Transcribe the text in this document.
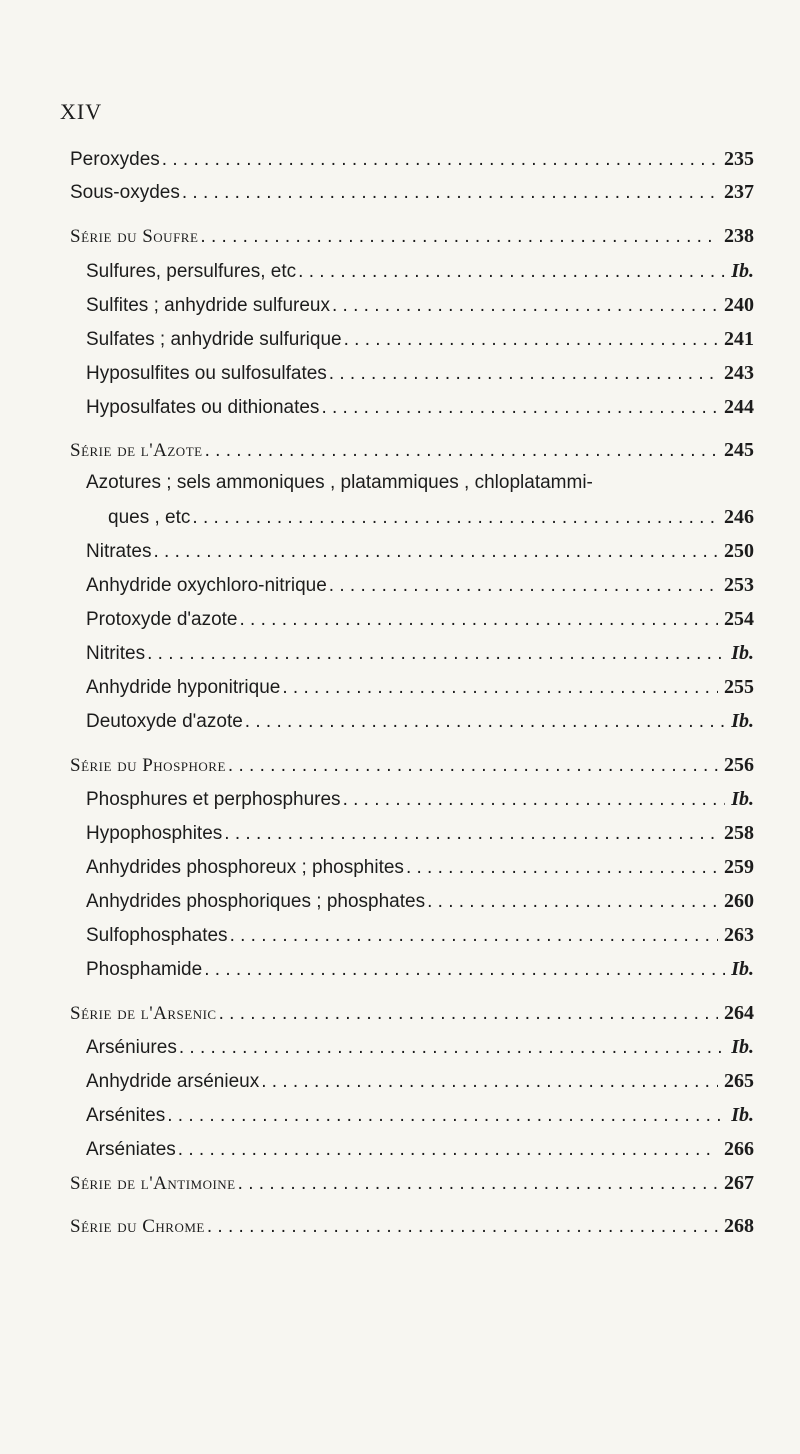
XIV
Peroxydes . . .	235
Sous-oxydes . . .	237
Série du Soufre . . .	238
Sulfures, persulfures, etc . . .	Ib.
Sulfites ; anhydride sulfureux . . .	240
Sulfates ; anhydride sulfurique . . .	241
Hyposulfites ou sulfosulfates . . .	243
Hyposulfates ou dithionates . . .	244
Série de l'Azote . . .	245
Azotures ; sels ammoniques , platammiques , chloplatammi-
ques , etc . . .	246
Nitrates . . .	250
Anhydride oxychloro-nitrique . . .	253
Protoxyde d'azote . . .	254
Nitrites . . .	Ib.
Anhydride hyponitrique . . .	255
Deutoxyde d'azote . . .	Ib.
Série du Phosphore . . .	256
Phosphures et perphosphures . . .	Ib.
Hypophosphites . . .	258
Anhydrides phosphoreux ; phosphites . . .	259
Anhydrides phosphoriques ; phosphates . . .	260
Sulfophosphates . . .	263
Phosphamide . . .	Ib.
Série de l'Arsenic . . .	264
Arséniures . . .	Ib.
Anhydride arsénieux . . .	265
Arsénites . . .	Ib.
Arséniates . . .	266
Série de l'Antimoine . . .	267
Série du Chrome . . .	268
